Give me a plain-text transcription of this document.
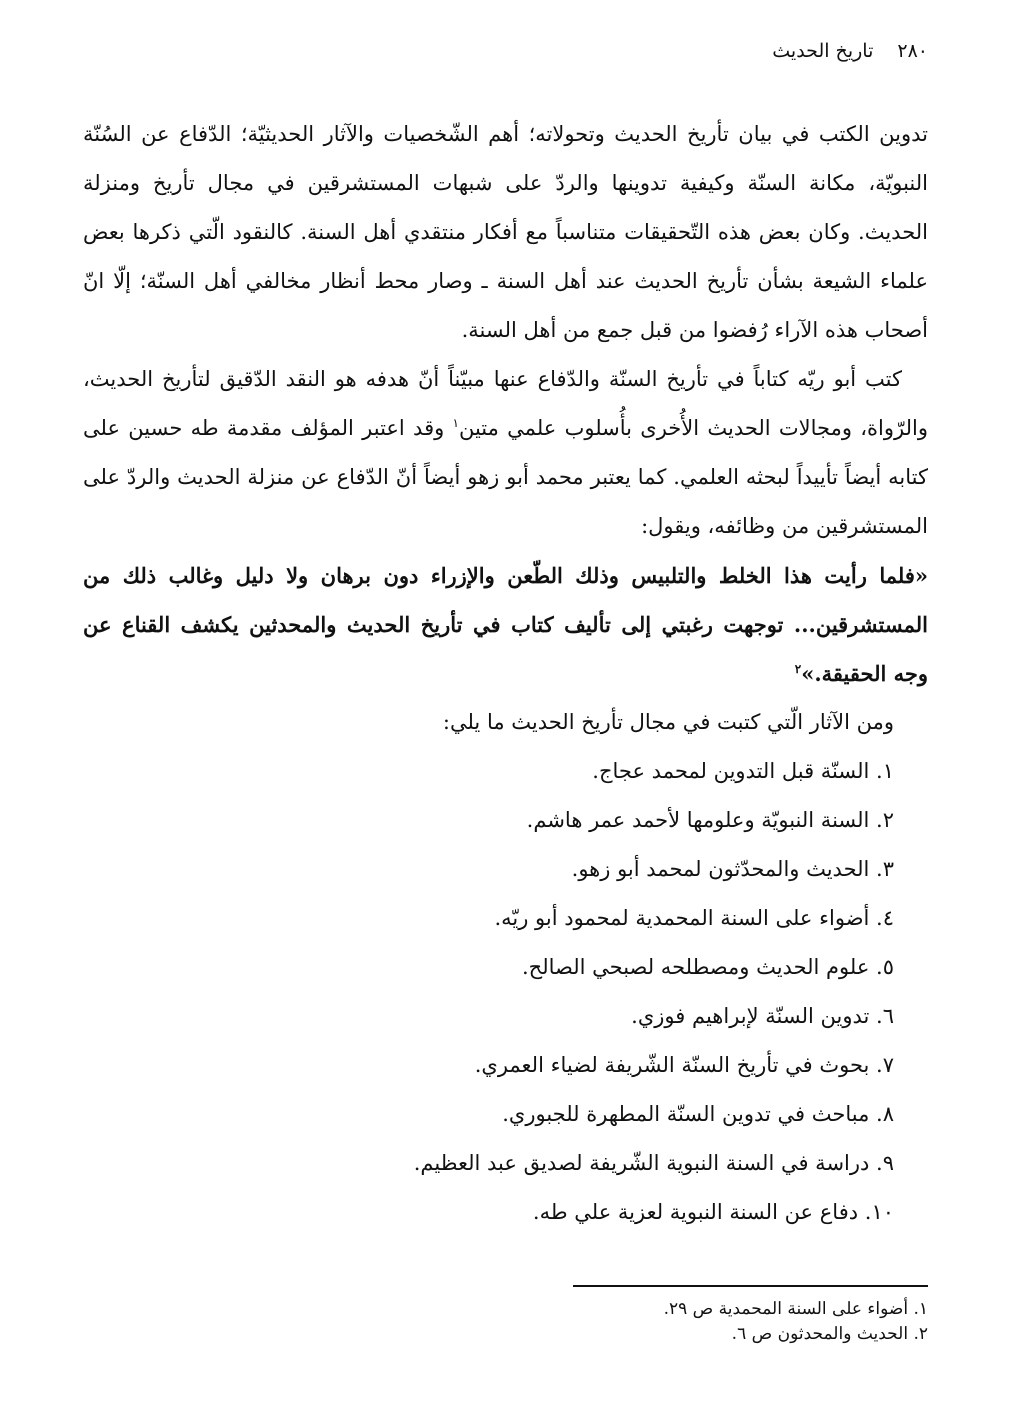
٢٨٠
تاريخ الحديث

تدوين الكتب في بيان تأريخ الحديث وتحولاته؛ أهم الشّخصيات والآثار الحديثيّة؛ الدّفاع عن السُنّة النبويّة، مكانة السنّة وكيفية تدوينها والردّ على شبهات المستشرقين في مجال تأريخ ومنزلة الحديث. وكان بعض هذه التّحقيقات متناسباً مع أفكار منتقدي أهل السنة. كالنقود الّتي ذكرها بعض علماء الشيعة بشأن تأريخ الحديث عند أهل السنة ـ وصار محط أنظار مخالفي أهل السنّة؛ إلّا انّ أصحاب هذه الآراء رُفضوا من قبل جمع من أهل السنة.

كتب أبو ريّه كتاباً في تأريخ السنّة والدّفاع عنها مبيّناً أنّ هدفه هو النقد الدّقيق لتأريخ الحديث، والرّواة، ومجالات الحديث الأُخرى بأُسلوب علمي متين$^١$ وقد اعتبر المؤلف مقدمة طه حسين على كتابه أيضاً تأييداً لبحثه العلمي. كما يعتبر محمد أبو زهو أيضاً أنّ الدّفاع عن منزلة الحديث والردّ على المستشرقين من وظائفه، ويقول:

«فلما رأيت هذا الخلط والتلبيس وذلك الطّعن والإزراء دون برهان ولا دليل وغالب ذلك من المستشرقين... توجهت رغبتي إلى تأليف كتاب في تأريخ الحديث والمحدثين يكشف القناع عن وجه الحقيقة.»$^٢$

ومن الآثار الّتي كتبت في مجال تأريخ الحديث ما يلي:

١. السنّة قبل التدوين لمحمد عجاج.
٢. السنة النبويّة وعلومها لأحمد عمر هاشم.
٣. الحديث والمحدّثون لمحمد أبو زهو.
٤. أضواء على السنة المحمدية لمحمود أبو ريّه.
٥. علوم الحديث ومصطلحه لصبحي الصالح.
٦. تدوين السنّة لإبراهيم فوزي.
٧. بحوث في تأريخ السنّة الشّريفة لضياء العمري.
٨. مباحث في تدوين السنّة المطهرة للجبوري.
٩. دراسة في السنة النبوية الشّريفة لصديق عبد العظيم.
١٠. دفاع عن السنة النبوية لعزية علي طه.
١. أضواء على السنة المحمدية ص ٢٩.
٢. الحديث والمحدثون ص ٦.
